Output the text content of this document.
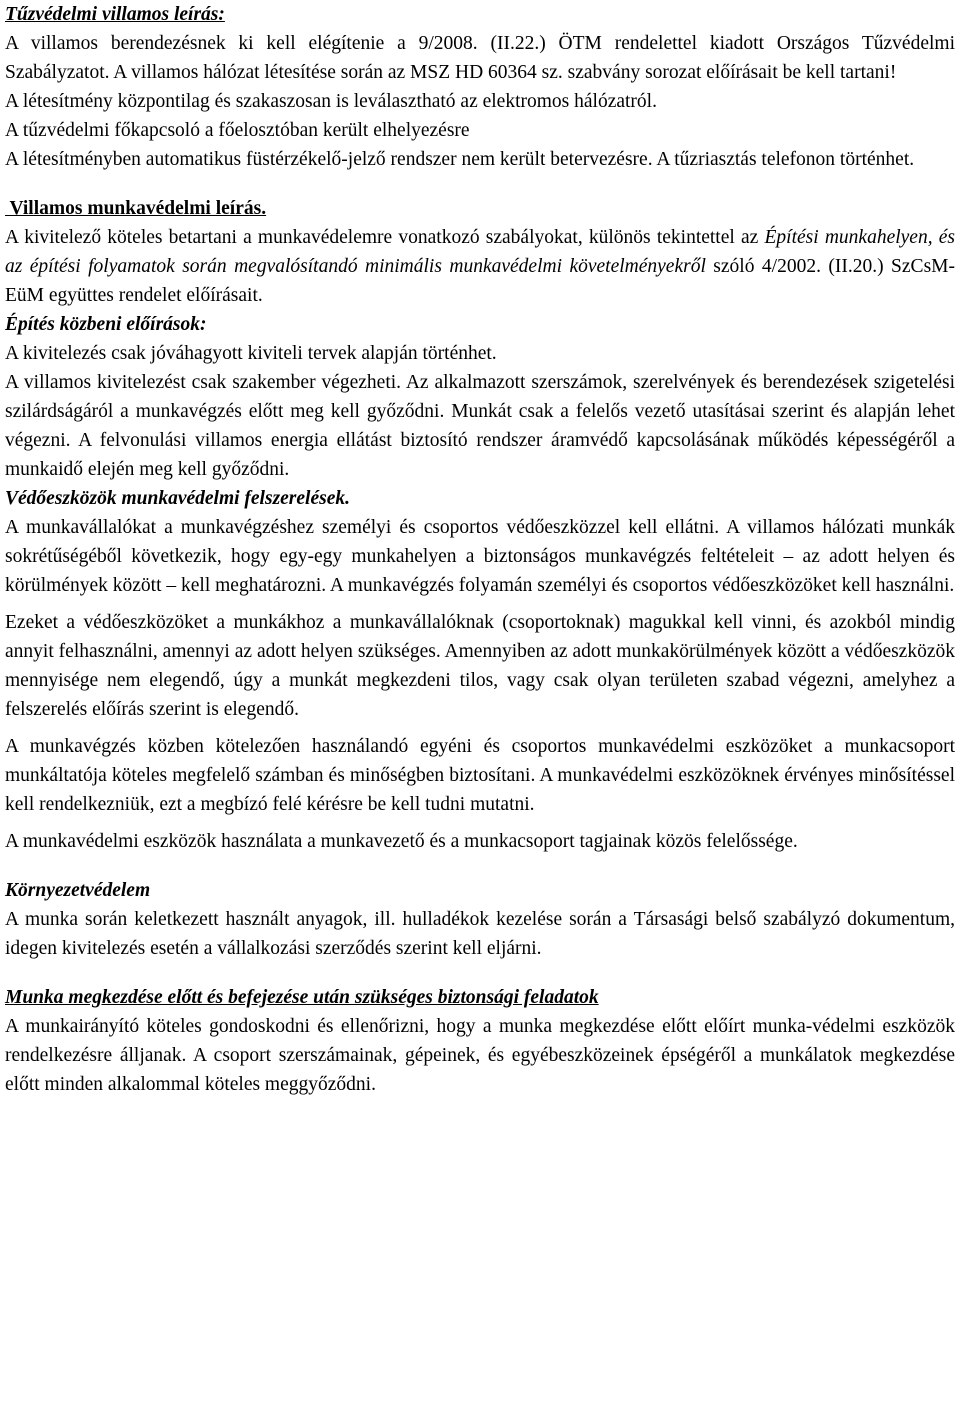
Tűzvédelmi villamos leírás:

A villamos berendezésnek ki kell elégítenie a 9/2008. (II.22.) ÖTM rendelettel kiadott Országos Tűzvédelmi Szabályzatot. A villamos hálózat létesítése során az MSZ HD 60364 sz. szabvány sorozat előírásait be kell tartani!

A létesítmény központilag és szakaszosan is leválasztható az elektromos hálózatról.

A tűzvédelmi főkapcsoló a főelosztóban került elhelyezésre

A létesítményben automatikus füstérzékelő-jelző rendszer nem került betervezésre. A tűzriasztás telefonon történhet.

Villamos munkavédelmi leírás.

A kivitelező köteles betartani a munkavédelemre vonatkozó szabályokat, különös tekintettel az Építési munkahelyen, és az építési folyamatok során megvalósítandó minimális munkavédelmi követelményekről szóló 4/2002. (II.20.) SzCsM-EüM együttes rendelet előírásait.

Építés közbeni előírások:

A kivitelezés csak jóváhagyott kiviteli tervek alapján történhet.

A villamos kivitelezést csak szakember végezheti. Az alkalmazott szerszámok, szerelvények és berendezések szigetelési szilárdságáról a munkavégzés előtt meg kell győződni. Munkát csak a felelős vezető utasításai szerint és alapján lehet végezni. A felvonulási villamos energia ellátást biztosító rendszer áramvédő kapcsolásának működés képességéről a munkaidő elején meg kell győződni.

Védőeszközök munkavédelmi felszerelések.

A munkavállalókat a munkavégzéshez személyi és csoportos védőeszközzel kell ellátni. A villamos hálózati munkák sokrétűségéből következik, hogy egy-egy munkahelyen a biztonságos munkavégzés feltételeit – az adott helyen és körülmények között – kell meghatározni. A munkavégzés folyamán személyi és csoportos védőeszközöket kell használni.

Ezeket a védőeszközöket a munkákhoz a munkavállalóknak (csoportoknak) magukkal kell vinni, és azokból mindig annyit felhasználni, amennyi az adott helyen szükséges. Amennyiben az adott munkakörülmények között a védőeszközök mennyisége nem elegendő, úgy a munkát megkezdeni tilos, vagy csak olyan területen szabad végezni, amelyhez a felszerelés előírás szerint is elegendő.

A munkavégzés közben kötelezően használandó egyéni és csoportos munkavédelmi eszközöket a munkacsoport munkáltatója köteles megfelelő számban és minőségben biztosítani. A munkavédelmi eszközöknek érvényes minősítéssel kell rendelkezniük, ezt a megbízó felé kérésre be kell tudni mutatni.

A munkavédelmi eszközök használata a munkavezető és a munkacsoport tagjainak közös felelőssége.

Környezetvédelem

A munka során keletkezett használt anyagok, ill. hulladékok kezelése során a Társasági belső szabályzó dokumentum, idegen kivitelezés esetén a vállalkozási szerződés szerint kell eljárni.

Munka megkezdése előtt és befejezése után szükséges biztonsági feladatok

A munkairányító köteles gondoskodni és ellenőrizni, hogy a munka megkezdése előtt előírt munka-védelmi eszközök rendelkezésre álljanak. A csoport szerszámainak, gépeinek, és egyébeszközeinek épségéről a munkálatok megkezdése előtt minden alkalommal köteles meggyőződni.
